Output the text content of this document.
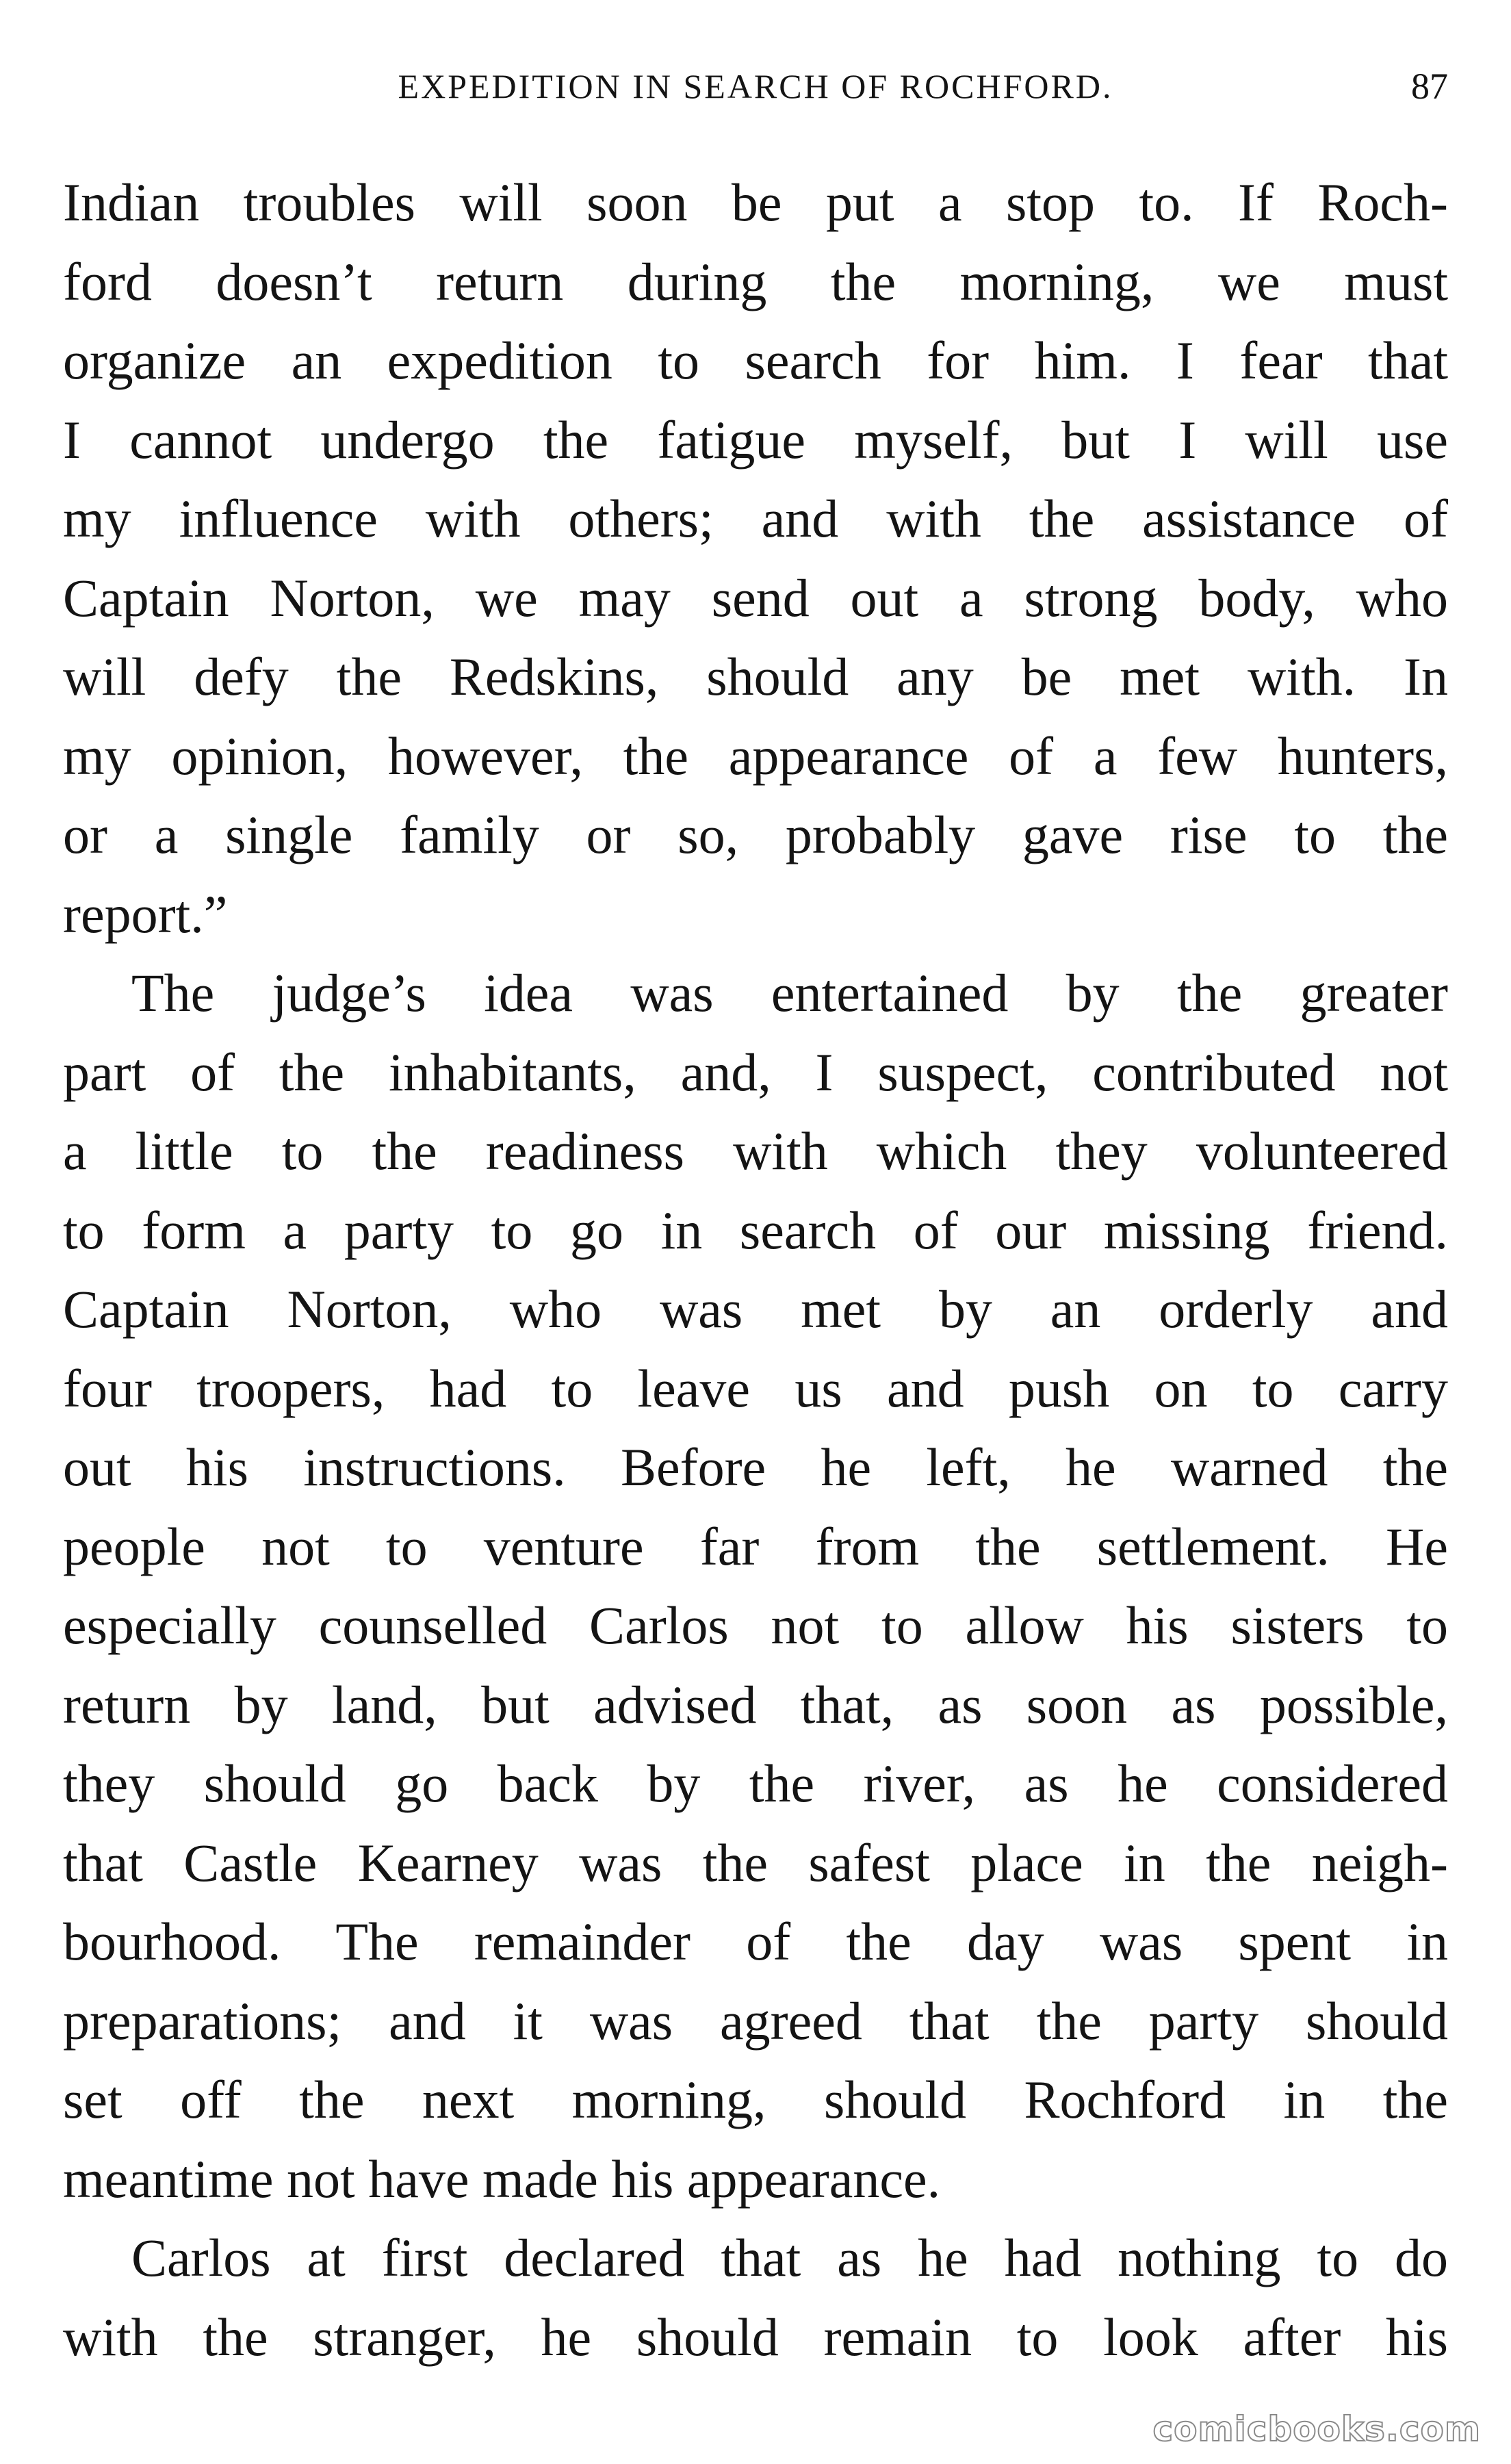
EXPEDITION IN SEARCH OF ROCHFORD.	87

Indian troubles will soon be put a stop to. If Roch-
ford doesn’t return during the morning, we must
organize an expedition to search for him. I fear that
I cannot undergo the fatigue myself, but I will use
my influence with others; and with the assistance of
Captain Norton, we may send out a strong body, who
will defy the Redskins, should any be met with. In
my opinion, however, the appearance of a few hunters,
or a single family or so, probably gave rise to the
report.”

The judge’s idea was entertained by the greater
part of the inhabitants, and, I suspect, contributed not
a little to the readiness with which they volunteered
to form a party to go in search of our missing friend.
Captain Norton, who was met by an orderly and
four troopers, had to leave us and push on to carry
out his instructions. Before he left, he warned the
people not to venture far from the settlement. He
especially counselled Carlos not to allow his sisters to
return by land, but advised that, as soon as possible,
they should go back by the river, as he considered
that Castle Kearney was the safest place in the neigh-
bourhood. The remainder of the day was spent in
preparations; and it was agreed that the party should
set off the next morning, should Rochford in the
meantime not have made his appearance.

Carlos at first declared that as he had nothing to do
with the stranger, he should remain to look after his

comicbooks.com
